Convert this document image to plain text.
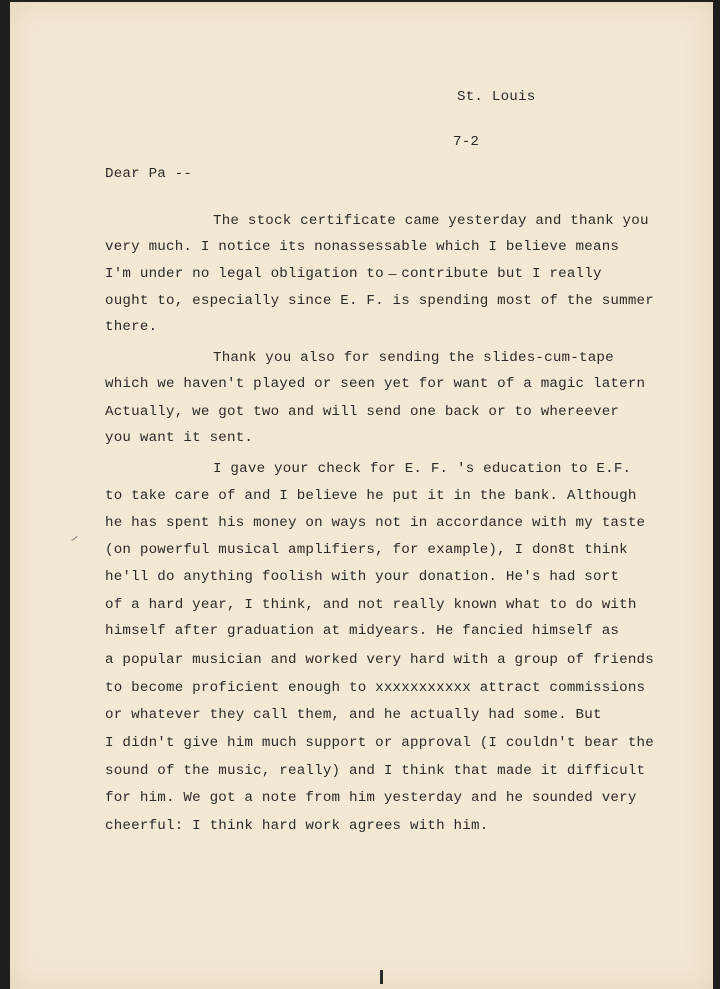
St. Louis
7-2
Dear Pa --
The stock certificate came yesterday and thank you
very much. I notice its nonassessable which I believe means
I'm under no legal obligation to ̶ contribute but I really
ought to, especially since E. F. is spending most of the summer
there.
Thank you also for sending the slides-cum-tape
which we haven't played or seen yet for want of a magic latern
Actually, we got two and will send one back or to whereever
you want it sent.
I gave your check for E. F. 's education to E.F.
to take care of and I believe he put it in the bank. Although
he has spent his money on ways not in accordance with my taste
(on powerful musical amplifiers, for example), I don8t think
he'll do anything foolish with your donation. He's had sort
of a hard year, I think, and not really known what to do with
himself after graduation at midyears. He fancied himself as
a popular musician and worked very hard with a group of friends
to become proficient enough to xxxxxxxxxxx attract commissions
or whatever they call them, and he actually had some. But
I didn't give him much support or approval (I couldn't bear the
sound of the music, really) and I think that made it difficult
for him. We got a note from him yesterday and he sounded very
cheerful: I think hard work agrees with him.
